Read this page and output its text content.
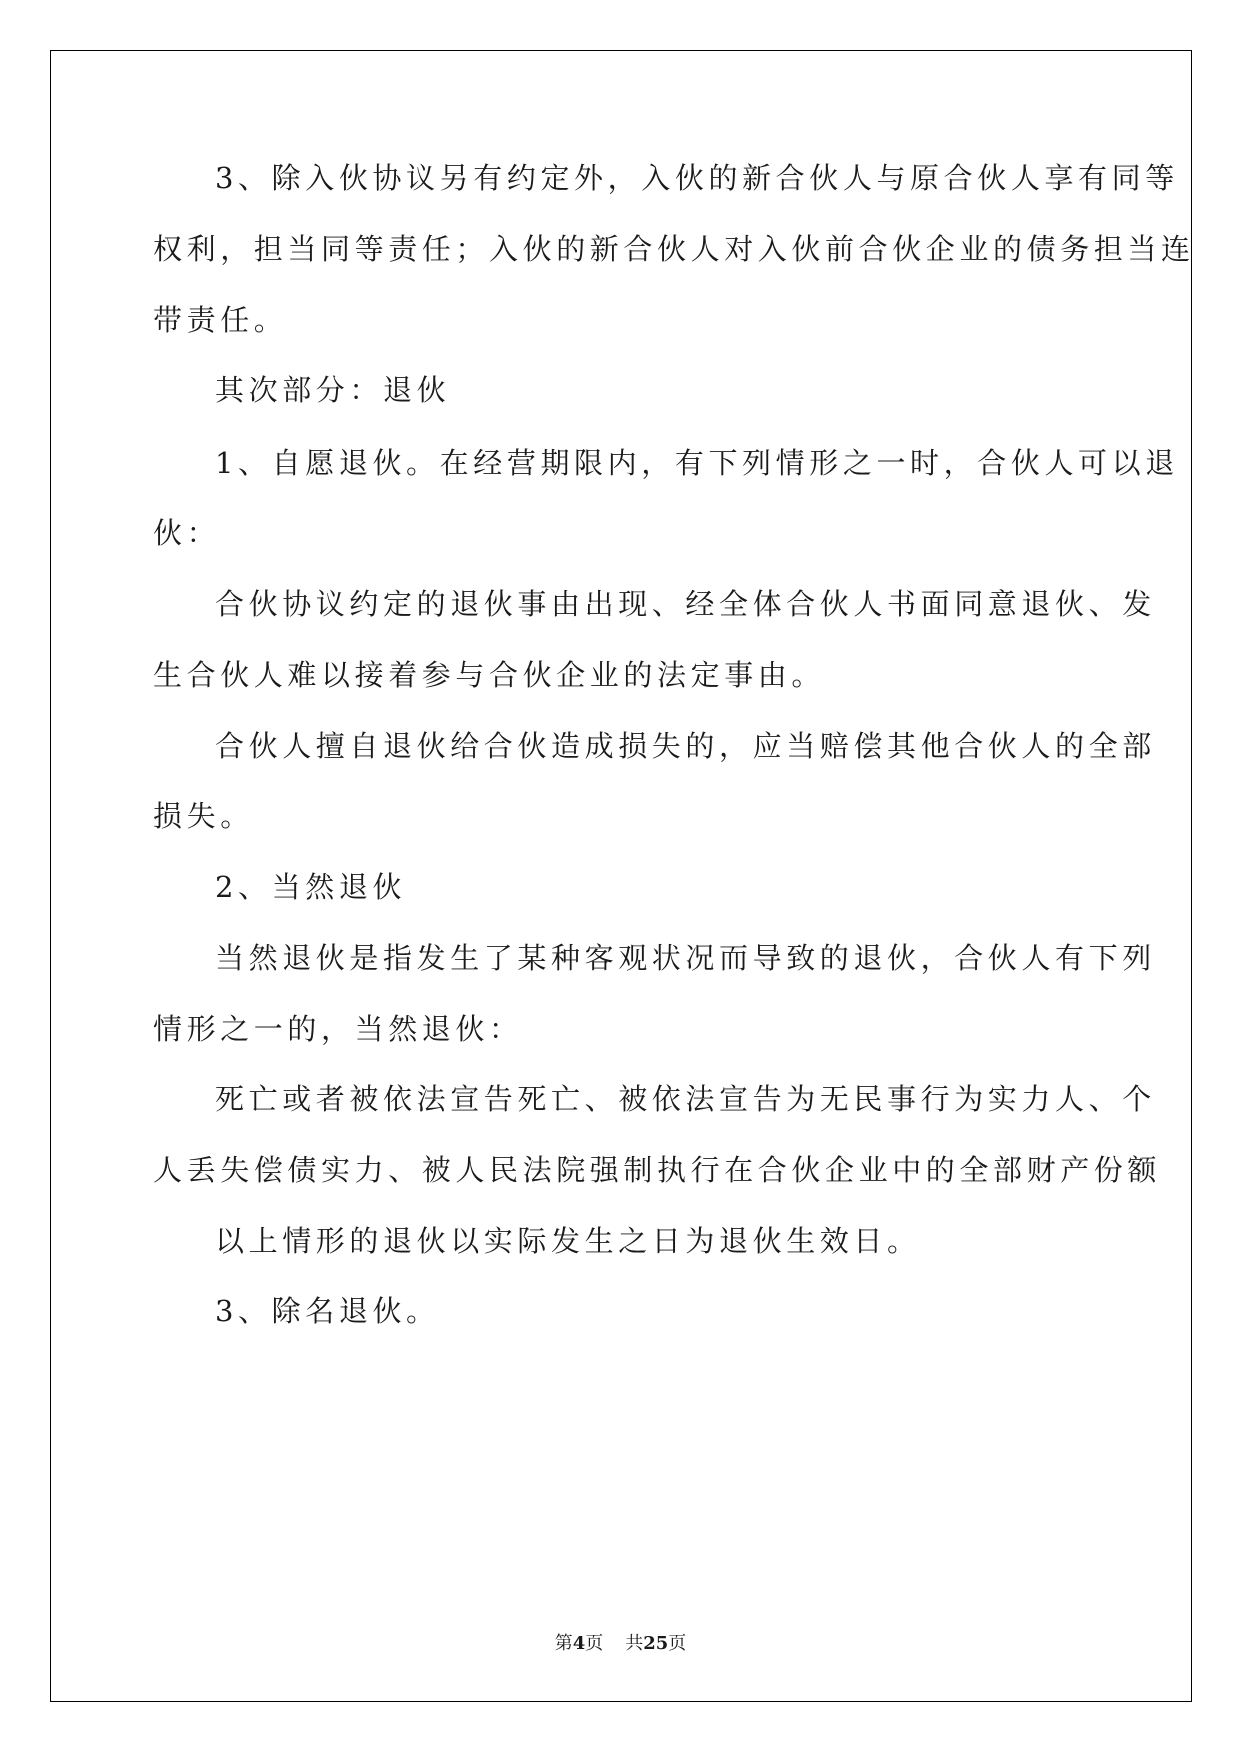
3、除入伙协议另有约定外，入伙的新合伙人与原合伙人享有同等
权利，担当同等责任；入伙的新合伙人对入伙前合伙企业的债务担当连
带责任。
其次部分：退伙
1、自愿退伙。在经营期限内，有下列情形之一时，合伙人可以退
伙：
合伙协议约定的退伙事由出现、经全体合伙人书面同意退伙、发
生合伙人难以接着参与合伙企业的法定事由。
合伙人擅自退伙给合伙造成损失的，应当赔偿其他合伙人的全部
损失。
2、当然退伙
当然退伙是指发生了某种客观状况而导致的退伙，合伙人有下列
情形之一的，当然退伙：
死亡或者被依法宣告死亡、被依法宣告为无民事行为实力人、个
人丢失偿债实力、被人民法院强制执行在合伙企业中的全部财产份额
以上情形的退伙以实际发生之日为退伙生效日。
3、除名退伙。
第4页 共25页
